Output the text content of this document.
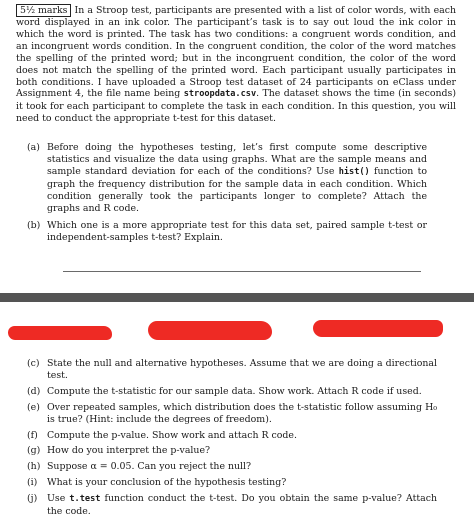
5½ marks In a Stroop test, participants are presented with a list of color words, with each word displayed in an ink color. The participant’s task is to say out loud the ink color in which the word is printed. The task has two conditions: a congruent words condition, and an incongruent words condition. In the congruent condition, the color of the word matches the spelling of the printed word; but in the incongruent condition, the color of the word does not match the spelling of the printed word. Each participant usually participates in both conditions. I have uploaded a Stroop test dataset of 24 participants on eClass under Assignment 4, the file name being stroopdata.csv. The dataset shows the time (in seconds) it took for each participant to complete the task in each condition. In this question, you will need to conduct the appropriate t-test for this dataset.
(a) Before doing the hypotheses testing, let’s first compute some descriptive statistics and visualize the data using graphs. What are the sample means and sample standard deviation for each of the conditions? Use hist() function to graph the frequency distribution for the sample data in each condition. Which condition generally took the participants longer to complete? Attach the graphs and R code.
(b) Which one is a more appropriate test for this data set, paired sample t-test or independent-samples t-test? Explain.
(c) State the null and alternative hypotheses. Assume that we are doing a directional test.
(d) Compute the t-statistic for our sample data. Show work. Attach R code if used.
(e) Over repeated samples, which distribution does the t-statistic follow assuming H₀ is true? (Hint: include the degrees of freedom).
(f) Compute the p-value. Show work and attach R code.
(g) How do you interpret the p-value?
(h) Suppose α = 0.05. Can you reject the null?
(i)	What is your conclusion of the hypothesis testing?
(j)	Use t.test function conduct the t-test. Do you obtain the same p-value? Attach the code.
